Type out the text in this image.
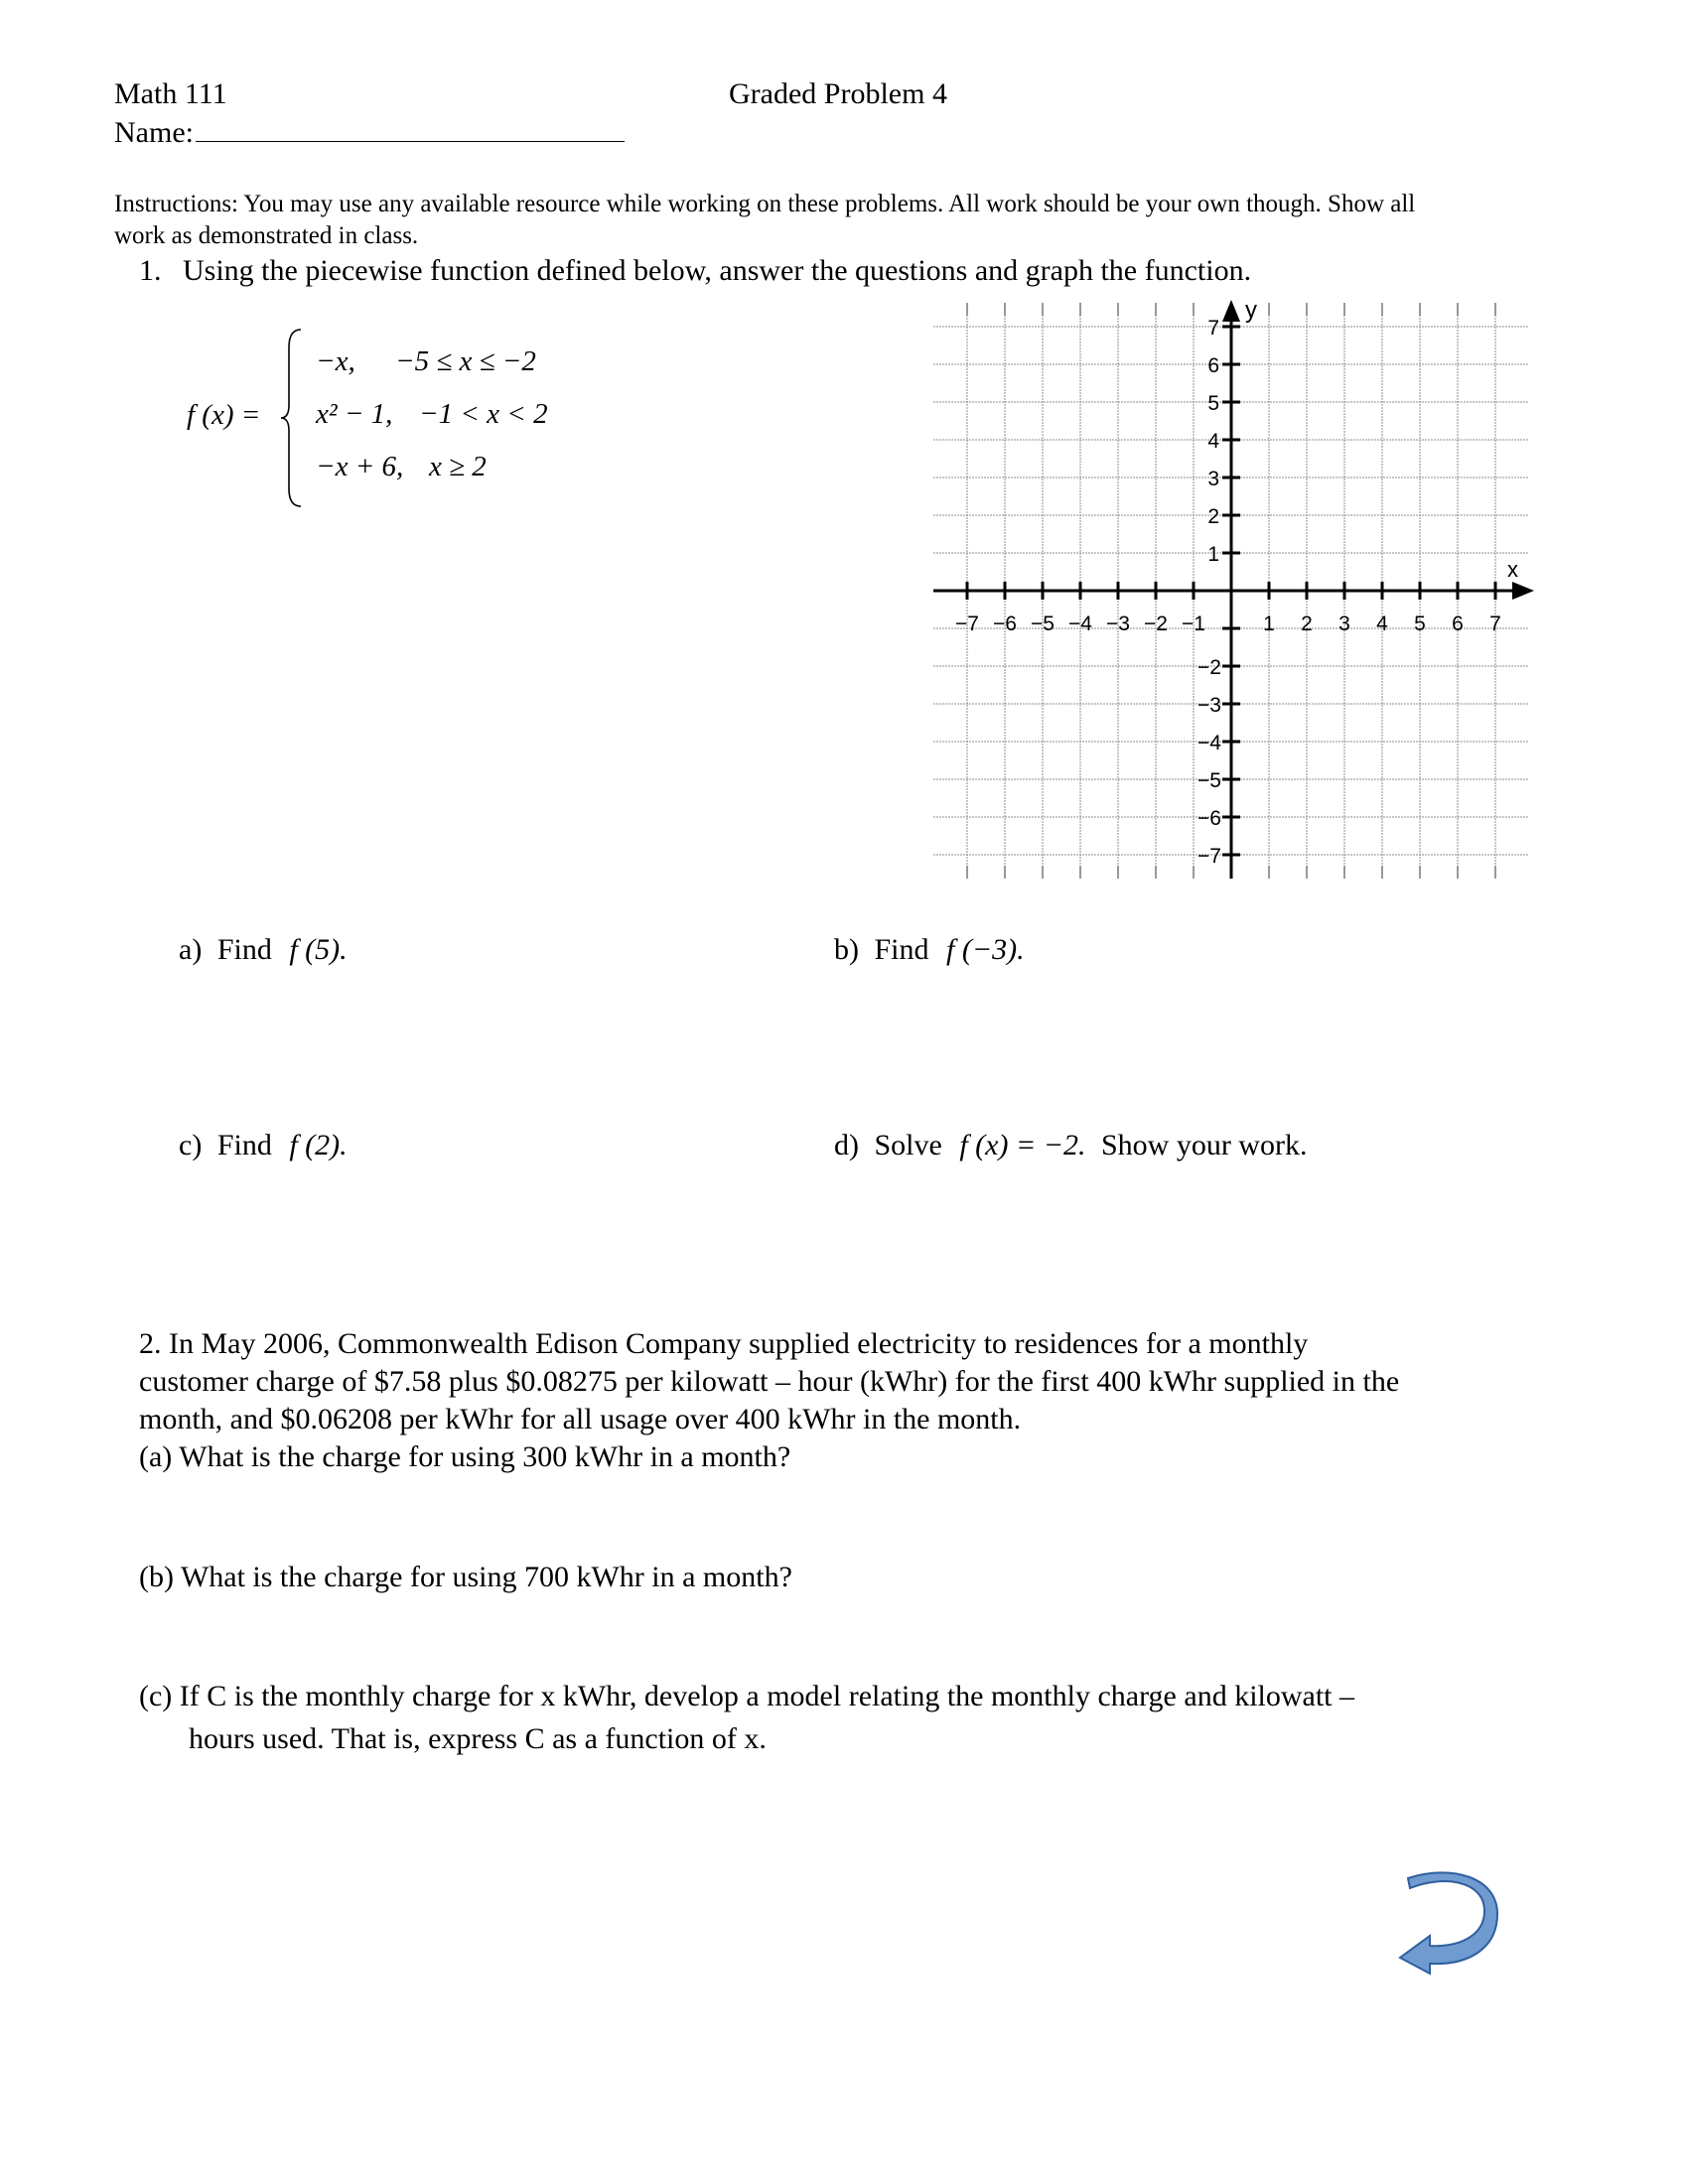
Math 111	Graded Problem 4
Name:
Instructions: You may use any available resource while working on these problems. All work should be your own though. Show all
work as demonstrated in class.
1. Using the piecewise function defined below, answer the questions and graph the function.
f (x) =
−x, −5 ≤ x ≤ −2
x² − 1, −1 < x < 2
−x + 6, x ≥ 2
x
y
−7 −6 −5 −4 −3 −2 −1	1 2 3 4 5 6 7
7
6
5
4
3
2
1
−2
−3
−4
−5
−6
−7
a) Find f (5).	b) Find f (−3).
c) Find f (2).	d) Solve f (x) = −2. Show your work.
2. In May 2006, Commonwealth Edison Company supplied electricity to residences for a monthly
customer charge of $7.58 plus $0.08275 per kilowatt – hour (kWhr) for the first 400 kWhr supplied in the
month, and $0.06208 per kWhr for all usage over 400 kWhr in the month.
(a) What is the charge for using 300 kWhr in a month?
(b) What is the charge for using 700 kWhr in a month?
(c) If C is the monthly charge for x kWhr, develop a model relating the monthly charge and kilowatt –
hours used. That is, express C as a function of x.
